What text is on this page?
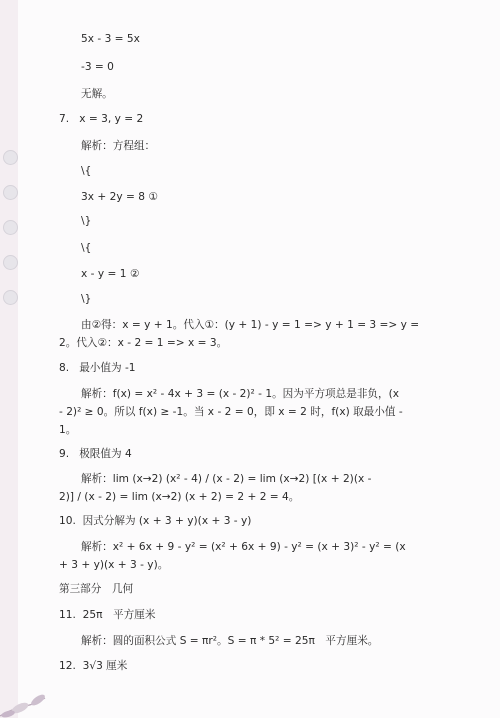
5x - 3 = 5x
-3 = 0
无解。
7.   x = 3, y = 2
解析：方程组：
\{
3x + 2y = 8 ①
\}
\{
x - y = 1 ②
\}
由②得：x = y + 1。代入①：(y + 1) - y = 1 => y + 1 = 3 => y =
2。代入②：x - 2 = 1 => x = 3。
8.   最小值为 -1
解析：f(x) = x² - 4x + 3 = (x - 2)² - 1。因为平方项总是非负，(x
- 2)² ≥ 0。所以 f(x) ≥ -1。当 x - 2 = 0，即 x = 2 时，f(x) 取最小值 -
1。
9.   极限值为 4
解析：lim (x→2) (x² - 4) / (x - 2) = lim (x→2) [(x + 2)(x -
2)] / (x - 2) = lim (x→2) (x + 2) = 2 + 2 = 4。
10.  因式分解为 (x + 3 + y)(x + 3 - y)
解析：x² + 6x + 9 - y² = (x² + 6x + 9) - y² = (x + 3)² - y² = (x
+ 3 + y)(x + 3 - y)。
第三部分　几何
11.  25π　平方厘米
解析：圆的面积公式 S = πr²。S = π * 5² = 25π　平方厘米。
12.  3√3 厘米
